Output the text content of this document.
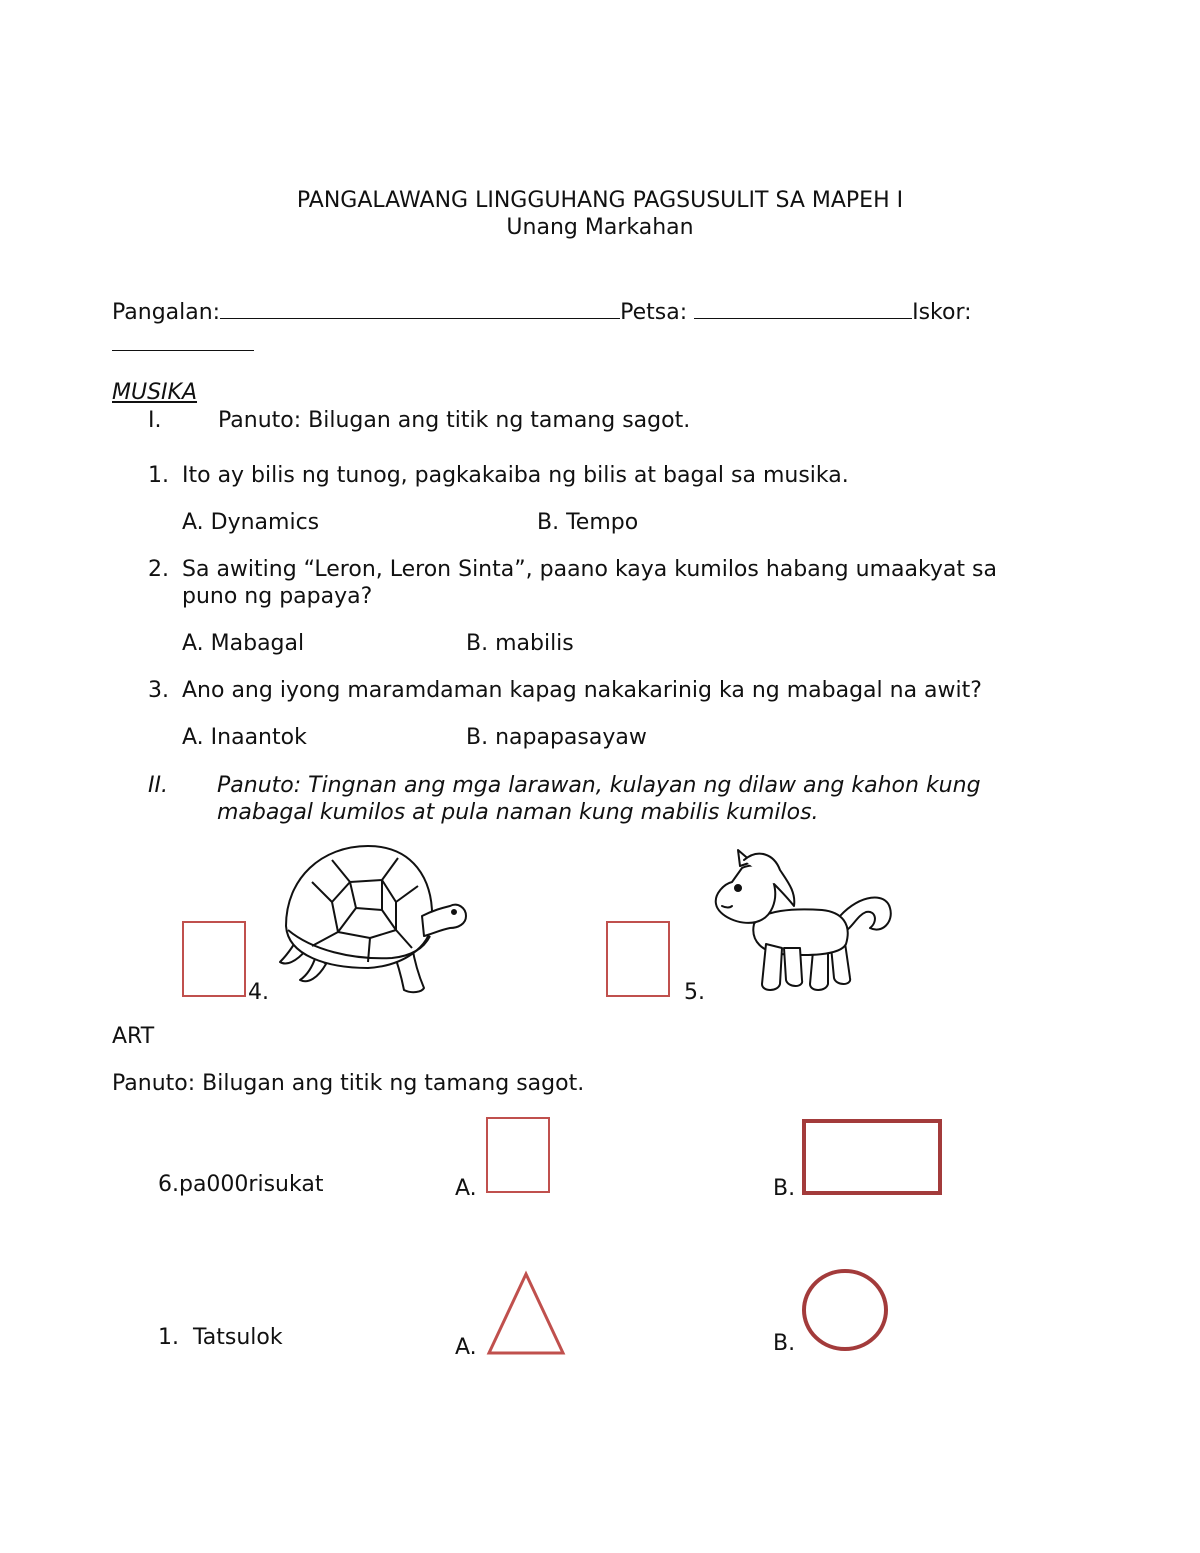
PANGALAWANG LINGGUHANG PAGSUSULIT SA MAPEH I
Unang Markahan
Pangalan:	Petsa:	Iskor:
MUSIKA
I.	Panuto: Bilugan ang titik ng tamang sagot.
1. Ito ay bilis ng tunog, pagkakaiba ng bilis at bagal sa musika.
A. Dynamics	B. Tempo
2. Sa awiting “Leron, Leron Sinta”, paano kaya kumilos habang umaakyat sa
puno ng papaya?
A. Mabagal	B. mabilis
3. Ano ang iyong maramdaman kapag nakakarinig ka ng mabagal na awit?
A. Inaantok	B. napapasayaw
II. Panuto: Tingnan ang mga larawan, kulayan ng dilaw ang kahon kung
mabagal kumilos at pula naman kung mabilis kumilos.
4.	5.
ART
Panuto: Bilugan ang titik ng tamang sagot.
6.pa000risukat	A.	B.
1. Tatsulok	A.	B.
